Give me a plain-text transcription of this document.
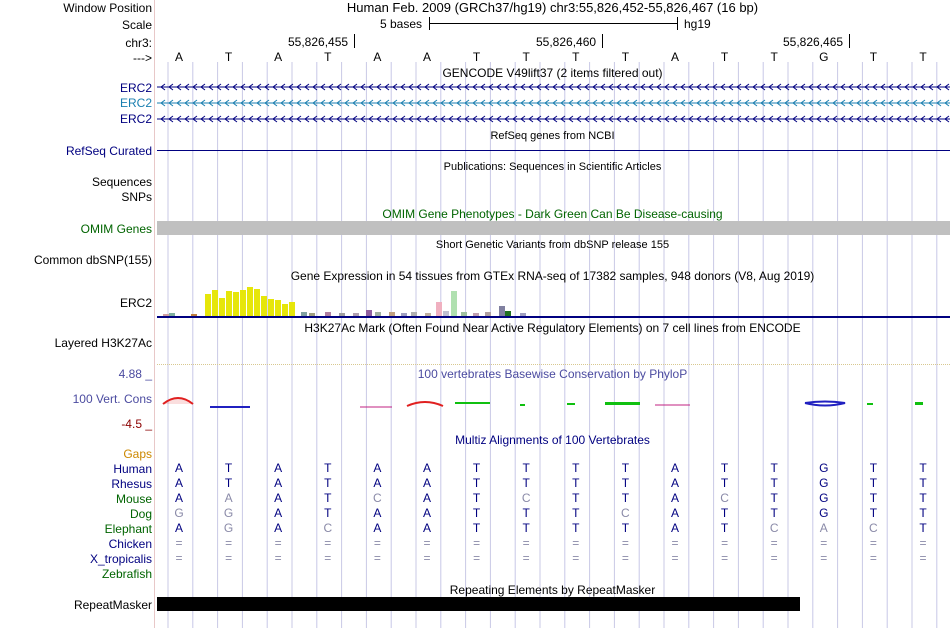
Window Position	Human Feb. 2009 (GRCh37/hg19) chr3:55,826,452-55,826,467 (16 bp)
Scale	5 bases	hg19
chr3:	55,826,455	55,826,460	55,826,465
--->	A	T	A	T	A	A	T	T	T	T	A	T	T	G	T	T
GENCODE V49lift37 (2 items filtered out)
ERC2
ERC2
ERC2
RefSeq genes from NCBI
RefSeq Curated
Publications: Sequences in Scientific Articles
Sequences
SNPs
OMIM Gene Phenotypes - Dark Green Can Be Disease-causing
OMIM Genes
Short Genetic Variants from dbSNP release 155
Common dbSNP(155)
Gene Expression in 54 tissues from GTEx RNA-seq of 17382 samples, 948 donors (V8, Aug 2019)
ERC2
H3K27Ac Mark (Often Found Near Active Regulatory Elements) on 7 cell lines from ENCODE
Layered H3K27Ac
100 vertebrates Basewise Conservation by PhyloP
100 Vert. Cons
4.88 _
-4.5 _
Multiz Alignments of 100 Vertebrates
Gaps
Human	A	T	A	T	A	A	T	T	T	T	A	T	T	G	T	T
Rhesus	A	T	A	T	A	A	T	T	T	T	A	T	T	G	T	T
Mouse	A	A	A	T	C	A	T	C	T	T	A	C	T	G	T	T
Dog	G	G	A	T	A	A	T	T	T	C	A	T	T	G	T	T
Elephant	A	G	A	C	A	A	T	T	T	T	A	T	C	A	C	T
Chicken	=	=	=	=	=	=	=	=	=	=	=	=	=	=	=	=
X_tropicalis	=	=	=	=	=	=	=	=	=	=	=	=	=	=	=	=
Zebrafish
Repeating Elements by RepeatMasker
RepeatMasker
